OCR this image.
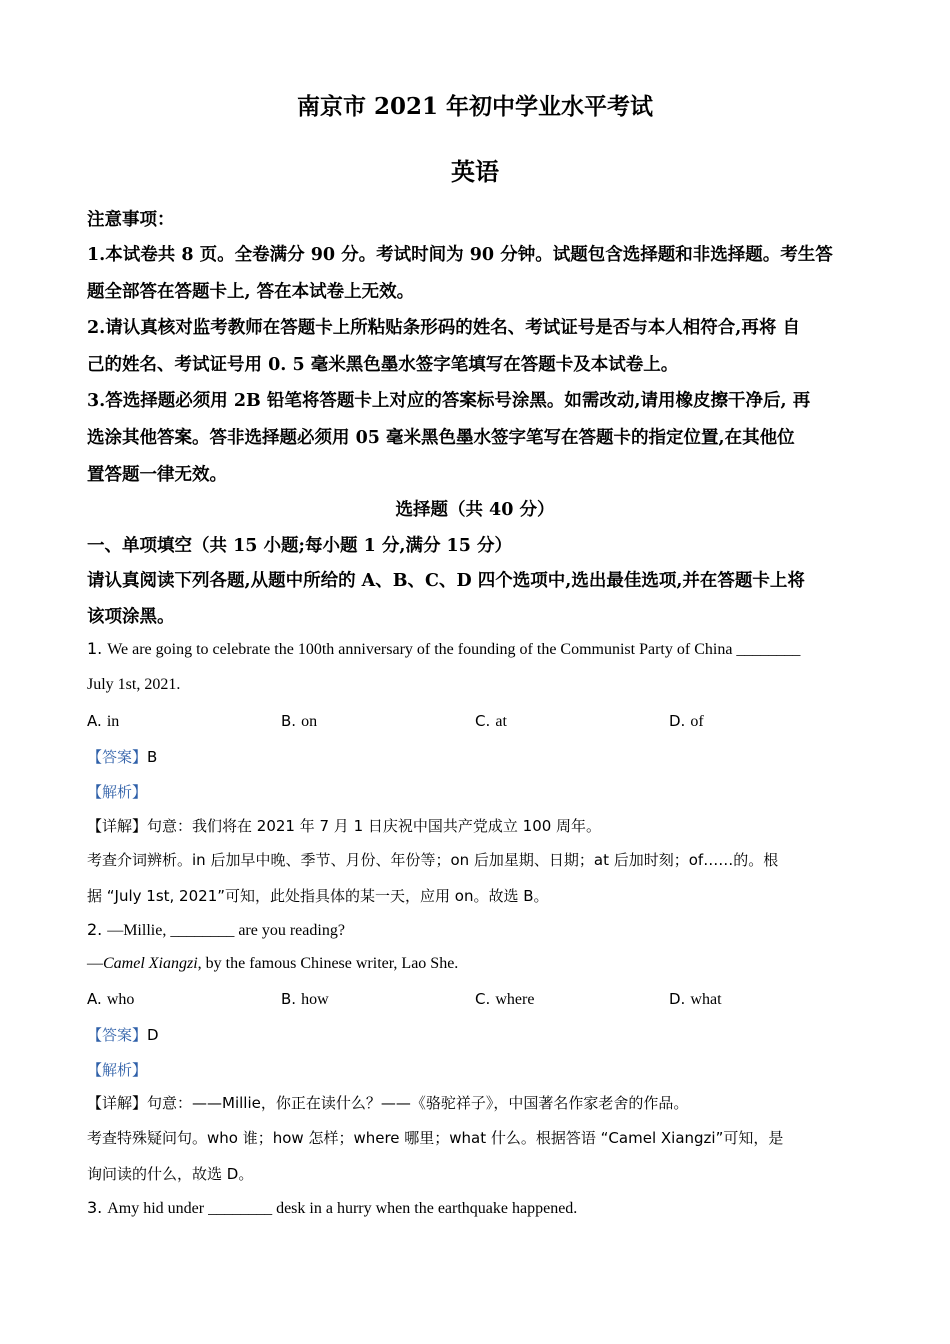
南京市 2021 年初中学业水平考试
英语
注意事项：
1.本试卷共 8 页。全卷满分 90 分。考试时间为 90 分钟。试题包含选择题和非选择题。考生答
题全部答在答题卡上, 答在本试卷上无效。
2.请认真核对监考教师在答题卡上所粘贴条形码的姓名、考试证号是否与本人相符合,再将 自
己的姓名、考试证号用 0. 5 毫米黑色墨水签字笔填写在答题卡及本试卷上。
3.答选择题必须用 2B 铅笔将答题卡上对应的答案标号涂黑。如需改动,请用橡皮擦干净后, 再
选涂其他答案。答非选择题必须用 05 毫米黑色墨水签字笔写在答题卡的指定位置,在其他位
置答题一律无效。
选择题（共 40 分）
一、单项填空（共 15 小题;每小题 1 分,满分 15 分）
请认真阅读下列各题,从题中所给的 A、B、C、D 四个选项中,选出最佳选项,并在答题卡上将
该项涂黑。
1. We are going to celebrate the 100th anniversary of the founding of the Communist Party of China ________
July 1st, 2021.
A. in	B. on	C. at	D. of
【答案】B
【解析】
【详解】句意：我们将在 2021 年 7 月 1 日庆祝中国共产党成立 100 周年。
考查介词辨析。in 后加早中晚、季节、月份、年份等；on 后加星期、日期；at 后加时刻；of……的。根
据 “July 1st, 2021”可知，此处指具体的某一天，应用 on。故选 B。
2. —Millie, ________ are you reading?
—Camel Xiangzi, by the famous Chinese writer, Lao She.
A. who	B. how	C. where	D. what
【答案】D
【解析】
【详解】句意：——Millie，你正在读什么？——《骆驼祥子》，中国著名作家老舍的作品。
考查特殊疑问句。who 谁；how 怎样；where 哪里；what 什么。根据答语 “Camel Xiangzi”可知，是
询问读的什么，故选 D。
3. Amy hid under ________ desk in a hurry when the earthquake happened.
